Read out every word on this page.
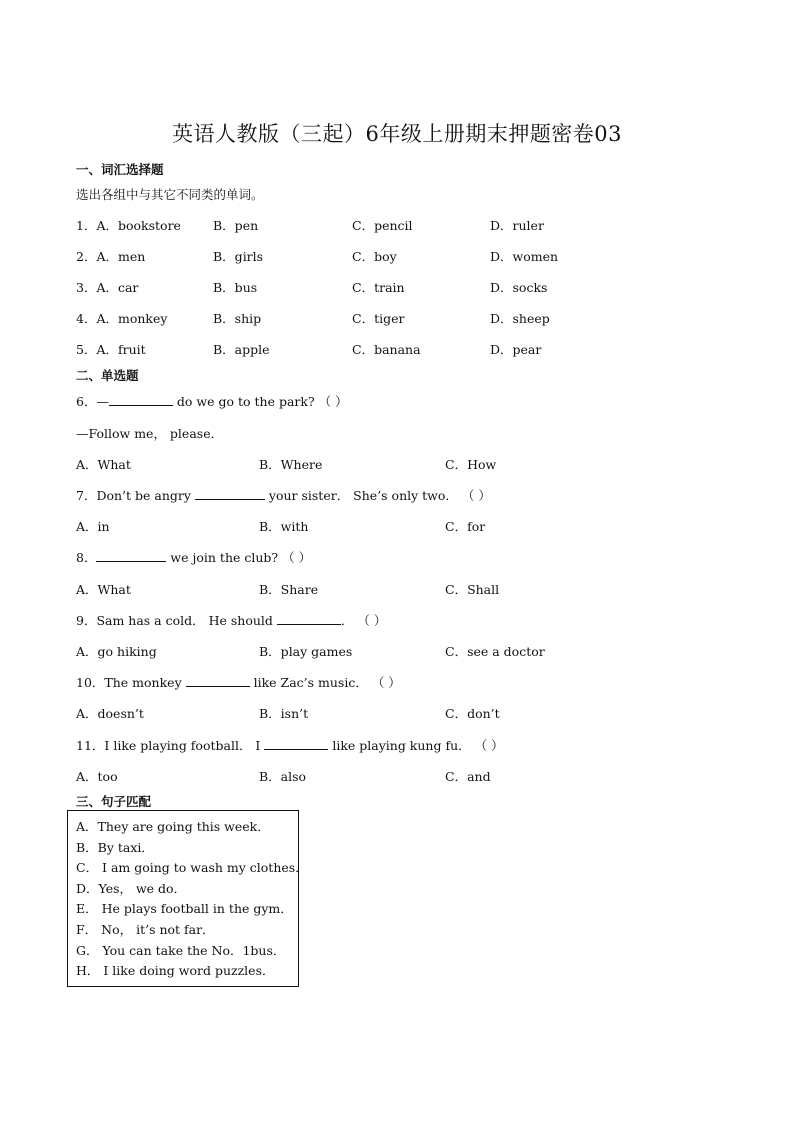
英语人教版（三起）6年级上册期末押题密卷03
一、词汇选择题
选出各组中与其它不同类的单词。
1．A．bookstore	B．pen	C．pencil	D．ruler
2．A．men	B．girls	C．boy	D．women
3．A．car	B．bus	C．train	D．socks
4．A．monkey	B．ship	C．tiger	D．sheep
5．A．fruit	B．apple	C．banana	D．pear
二、单选题
6．—	do we go to the park? （ ）
—Follow me， please．
A．What	B．Where	C．How
7．Don’t be angry	your sister． She’s only two． （ ）
A．in	B．with	C．for
8．	we join the club? （ ）
A．What	B．Share	C．Shall
9．Sam has a cold． He should	． （ ）
A．go hiking	B．play games	C．see a doctor
10．The monkey	like Zac’s music． （ ）
A．doesn’t	B．isn’t	C．don’t
11．I like playing football． I	like playing kung fu． （ ）
A．too	B．also	C．and
三、句子匹配
A．They are going this week．
B．By taxi．
C． I am going to wash my clothes．
D．Yes， we do．
E． He plays football in the gym．
F． No， it’s not far．
G． You can take the No．1bus．
H． I like doing word puzzles．
